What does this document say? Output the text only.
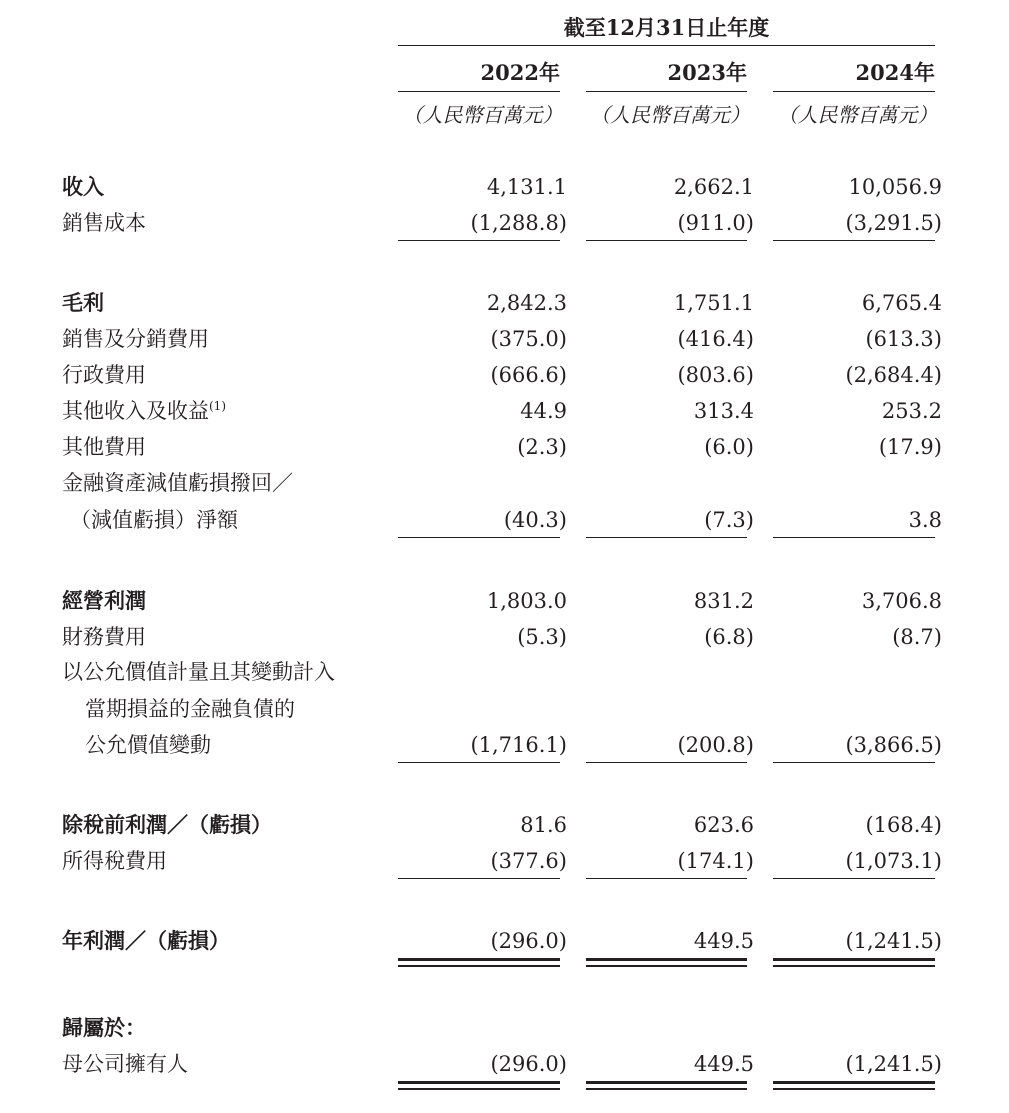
截至12月31日止年度
2022年	2023年	2024年
（人民幣百萬元） （人民幣百萬元） （人民幣百萬元）
收入	4,131.1	2,662.1	10,056.9
銷售成本	(1,288.8)	(911.0)	(3,291.5)
毛利	2,842.3	1,751.1	6,765.4
銷售及分銷費用	(375.0)	(416.4)	(613.3)
行政費用	(666.6)	(803.6)	(2,684.4)
其他收入及收益$^{(1)}$	44.9	313.4	253.2
其他費用	(2.3)	(6.0)	(17.9)
金融資產減值虧損撥回／
（減值虧損）淨額	(40.3)	(7.3)	3.8
經營利潤	1,803.0	831.2	3,706.8
財務費用	(5.3)	(6.8)	(8.7)
以公允價值計量且其變動計入
當期損益的金融負債的
公允價值變動	(1,716.1)	(200.8)	(3,866.5)
除稅前利潤／（虧損）	81.6	623.6	(168.4)
所得稅費用	(377.6)	(174.1)	(1,073.1)
年利潤／（虧損）	(296.0)	449.5	(1,241.5)
歸屬於：
母公司擁有人	(296.0)	449.5	(1,241.5)
